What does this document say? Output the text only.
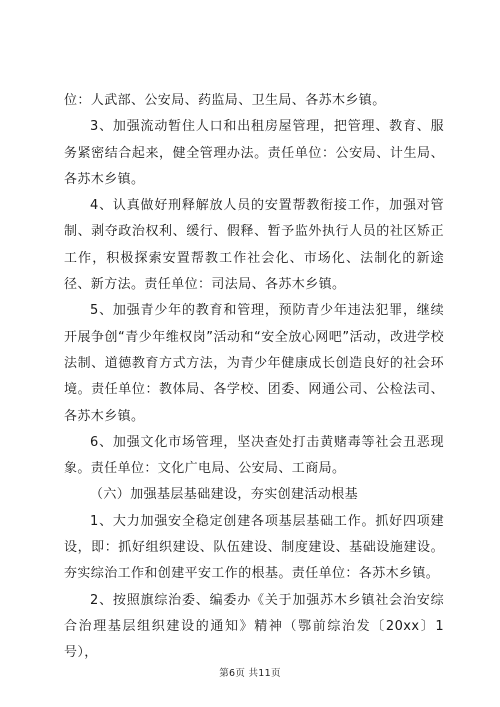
位：人武部、公安局、药监局、卫生局、各苏木乡镇。

3、加强流动暂住人口和出租房屋管理，把管理、教育、服务紧密结合起来，健全管理办法。责任单位：公安局、计生局、各苏木乡镇。

4、认真做好刑释解放人员的安置帮教衔接工作，加强对管制、剥夺政治权利、缓行、假释、暂予监外执行人员的社区矫正工作，积极探索安置帮教工作社会化、市场化、法制化的新途径、新方法。责任单位：司法局、各苏木乡镇。

5、加强青少年的教育和管理，预防青少年违法犯罪，继续开展争创“青少年维权岗”活动和“安全放心网吧”活动，改进学校法制、道德教育方式方法，为青少年健康成长创造良好的社会环境。责任单位：教体局、各学校、团委、网通公司、公检法司、各苏木乡镇。

6、加强文化市场管理，坚决查处打击黄赌毒等社会丑恶现象。责任单位：文化广电局、公安局、工商局。

（六）加强基层基础建设，夯实创建活动根基

1、大力加强安全稳定创建各项基层基础工作。抓好四项建设，即：抓好组织建设、队伍建设、制度建设、基础设施建设。夯实综治工作和创建平安工作的根基。责任单位：各苏木乡镇。

2、按照旗综治委、编委办《关于加强苏木乡镇社会治安综合治理基层组织建设的通知》精神（鄂前综治发〔20xx〕1号），

第6页 共11页
